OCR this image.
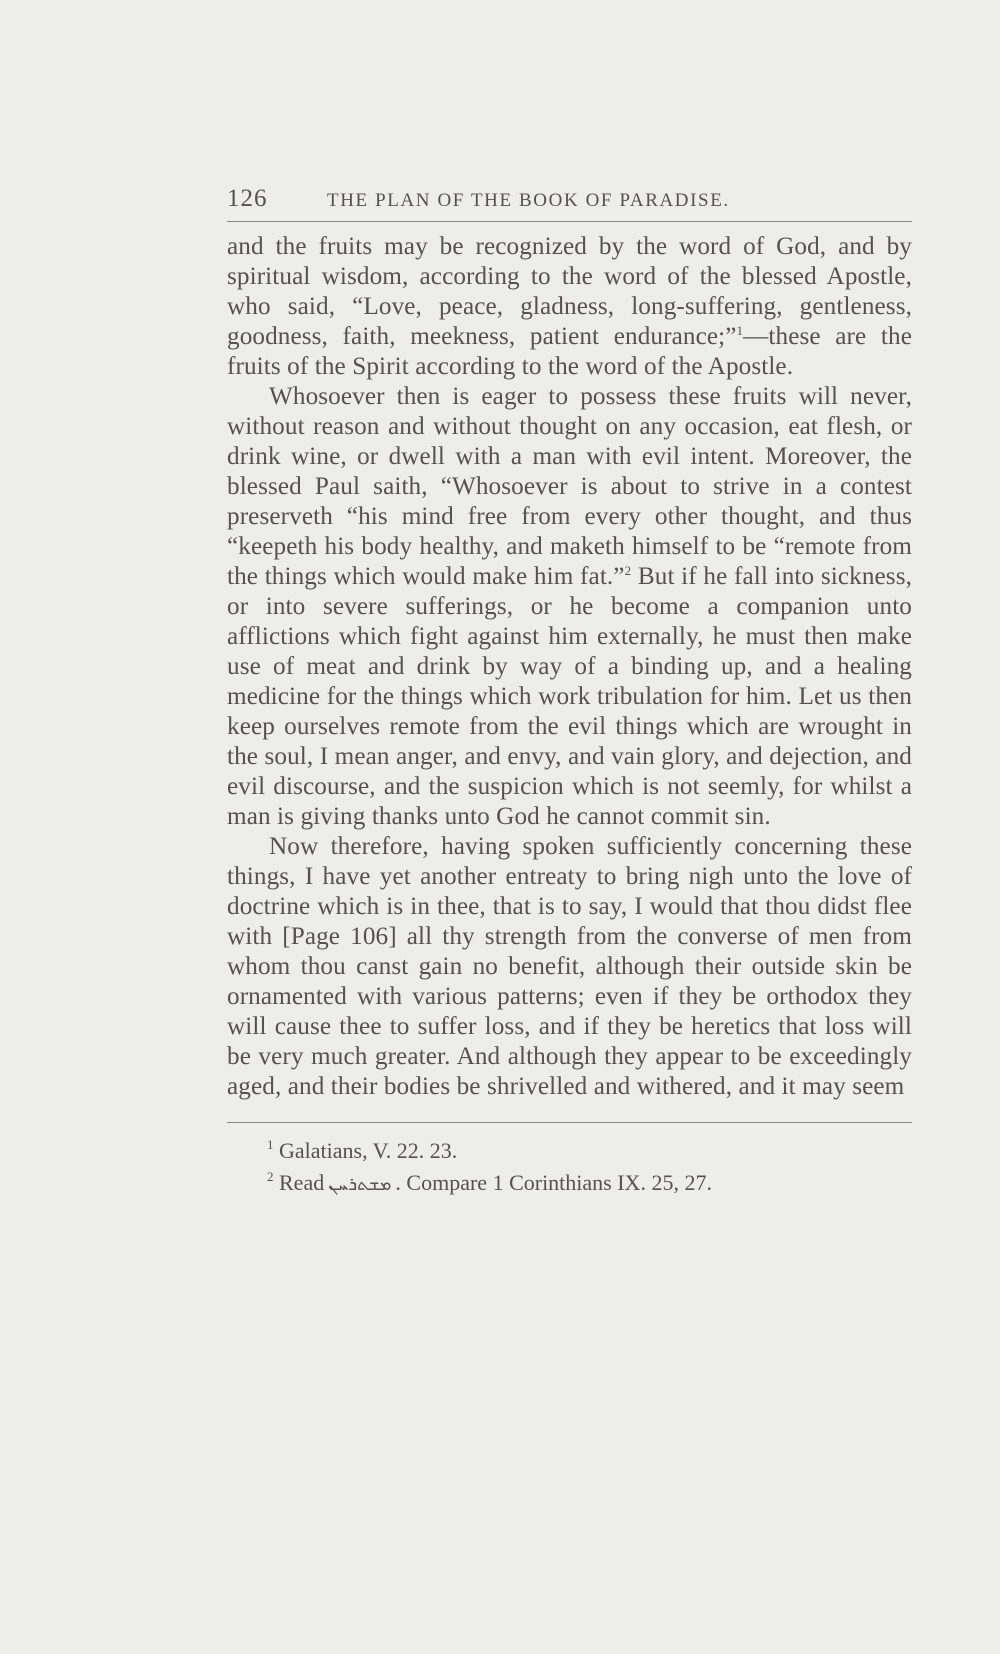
126	THE PLAN OF THE BOOK OF PARADISE.

and the fruits may be recognized by the word of God, and by spiritual wisdom, according to the word of the blessed Apostle, who said, “Love, peace, gladness, long-suffering, gentleness, goodness, faith, meekness, patient endurance;”$^1$—these are the fruits of the Spirit according to the word of the Apostle.

Whosoever then is eager to possess these fruits will never, without reason and without thought on any occasion, eat flesh, or drink wine, or dwell with a man with evil intent. Moreover, the blessed Paul saith, “Whosoever is about to strive in a contest preserveth “his mind free from every other thought, and thus “keepeth his body healthy, and maketh himself to be “remote from the things which would make him fat.”$^2$ But if he fall into sickness, or into severe sufferings, or he become a companion unto afflictions which fight against him externally, he must then make use of meat and drink by way of a binding up, and a healing medicine for the things which work tribulation for him. Let us then keep ourselves remote from the evil things which are wrought in the soul, I mean anger, and envy, and vain glory, and dejection, and evil discourse, and the suspicion which is not seemly, for whilst a man is giving thanks unto God he cannot commit sin.

Now therefore, having spoken sufficiently concerning these things, I have yet another entreaty to bring nigh unto the love of doctrine which is in thee, that is to say, I would that thou didst flee with [Page 106] all thy strength from the converse of men from whom thou canst gain no benefit, although their outside skin be ornamented with various patterns; even if they be orthodox they will cause thee to suffer loss, and if they be heretics that loss will be very much greater. And although they appear to be exceedingly aged, and their bodies be shrivelled and withered, and it may seem

$^1$ Galatians, V. 22. 23.
$^2$ Read ܡܫܬܪܚܢ . Compare 1 Corinthians IX. 25, 27.
